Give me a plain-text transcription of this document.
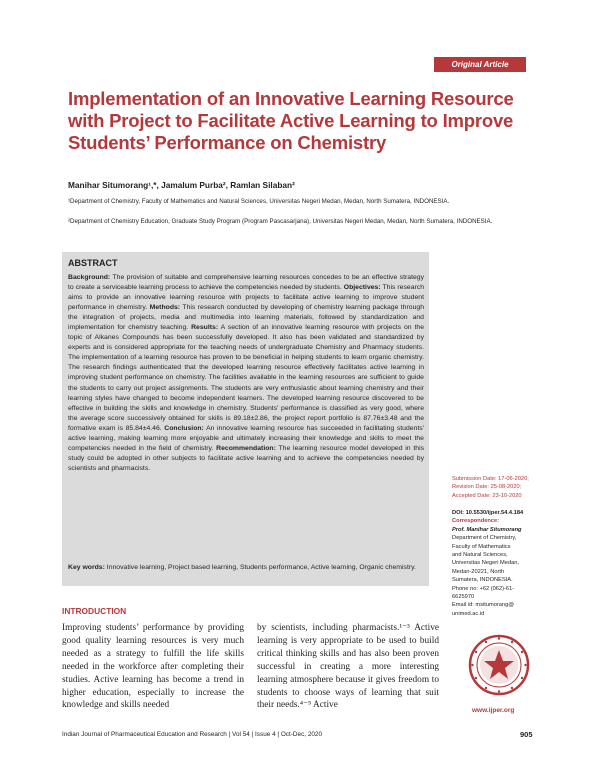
Original Article
Implementation of an Innovative Learning Resource with Project to Facilitate Active Learning to Improve Students’ Performance on Chemistry
Manihar Situmorang¹,*, Jamalum Purba², Ramlan Silaban²
¹Department of Chemistry, Faculty of Mathematics and Natural Sciences, Universitas Negeri Medan, Medan, North Sumatera, INDONESIA.
²Department of Chemistry Education, Graduate Study Program (Program Pascasarjana), Universitas Negeri Medan, Medan, North Sumatera, INDONESIA.
ABSTRACT
Background: The provision of suitable and comprehensive learning resources concedes to be an effective strategy to create a serviceable learning process to achieve the competencies needed by students. Objectives: This research aims to provide an innovative learning resource with projects to facilitate active learning to improve student performance in chemistry. Methods: This research conducted by developing of chemistry learning package through the integration of projects, media and multimedia into learning materials, followed by standardization and implementation for chemistry teaching. Results: A section of an innovative learning resource with projects on the topic of Alkanes Compounds has been successfully developed. It also has been validated and standardized by experts and is considered appropriate for the teaching needs of undergraduate Chemistry and Pharmacy students. The implementation of a learning resource has proven to be beneficial in helping students to learn organic chemistry. The research findings authenticated that the developed learning resource effectively facilitates active learning in improving student performance on chemistry. The facilities available in the learning resources are sufficient to guide the students to carry out project assignments. The students are very enthusiastic about learning chemistry and their learning styles have changed to become independent learners. The developed learning resource discovered to be effective in building the skills and knowledge in chemistry. Students' performance is classified as very good, where the average score successively obtained for skills is 89.18±2.86, the project report portfolio is 87.76±3.48 and the formative exam is 85.84±4.46. Conclusion: An innovative learning resource has succeeded in facilitating students' active learning, making learning more enjoyable and ultimately increasing their knowledge and skills to meet the competencies needed in the field of chemistry. Recommendation: The learning resource model developed in this study could be adopted in other subjects to facilitate active learning and to achieve the competencies needed by scientists and pharmacists.
Key words: Innovative learning, Project based learning, Students performance, Active learning, Organic chemistry.
Submission Date: 17-06-2020;
Revision Date: 25-08-2020;
Accepted Date: 23-10-2020
DOI: 10.5530/ijper.54.4.184
Correspondence:
Prof. Manihar Situmorang
Department of Chemistry,
Faculty of Mathematics
and Natural Sciences,
Universitas Negeri Medan,
Medan-20221, North
Sumatera, INDONESIA.
Phone no: +62 (062)-61-
6625970
Email id: msitumorang@
unimed.ac.id
www.ijper.org
INTRODUCTION
Improving students’ performance by providing good quality learning resources is very much needed as a strategy to fulfill the life skills needed in the workforce after completing their studies. Active learning has become a trend in higher education, especially to increase the knowledge and skills needed
by scientists, including pharmacists.¹⁻³ Active learning is very appropriate to be used to build critical thinking skills and has also been proven successful in creating a more interesting learning atmosphere because it gives freedom to students to choose ways of learning that suit their needs.⁴⁻⁵ Active
Indian Journal of Pharmaceutical Education and Research | Vol 54 | Issue 4 | Oct-Dec, 2020	905
